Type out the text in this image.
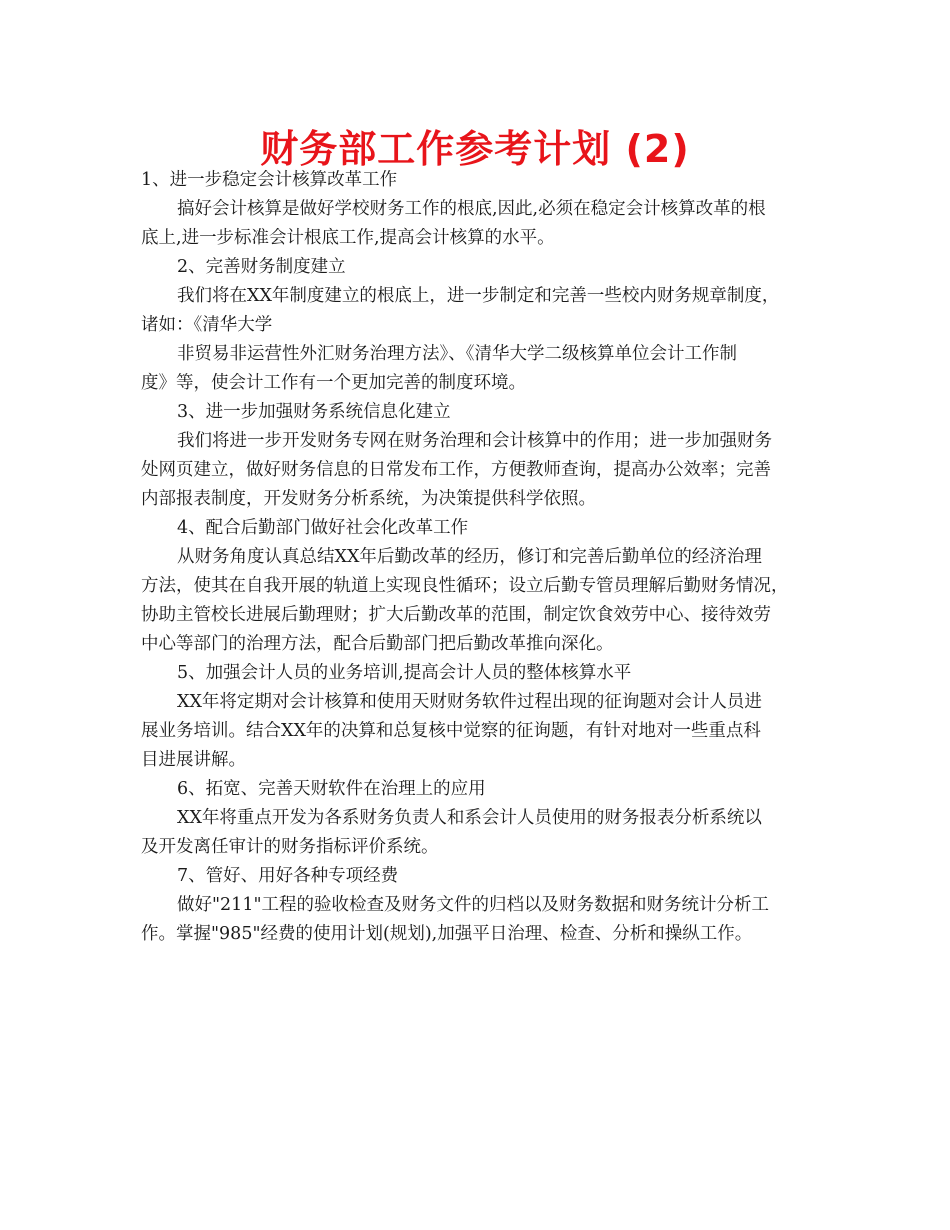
财务部工作参考计划 (2)
1、进一步稳定会计核算改革工作
搞好会计核算是做好学校财务工作的根底,因此,必须在稳定会计核算改革的根
底上,进一步标准会计根底工作,提高会计核算的水平。
2、完善财务制度建立
我们将在XX年制度建立的根底上，进一步制定和完善一些校内财务规章制度，
诸如：《清华大学
非贸易非运营性外汇财务治理方法》、《清华大学二级核算单位会计工作制
度》等，使会计工作有一个更加完善的制度环境。
3、进一步加强财务系统信息化建立
我们将进一步开发财务专网在财务治理和会计核算中的作用；进一步加强财务
处网页建立，做好财务信息的日常发布工作，方便教师查询，提高办公效率；完善
内部报表制度，开发财务分析系统，为决策提供科学依照。
4、配合后勤部门做好社会化改革工作
从财务角度认真总结XX年后勤改革的经历，修订和完善后勤单位的经济治理
方法，使其在自我开展的轨道上实现良性循环；设立后勤专管员理解后勤财务情况，
协助主管校长进展后勤理财；扩大后勤改革的范围，制定饮食效劳中心、接待效劳
中心等部门的治理方法，配合后勤部门把后勤改革推向深化。
5、加强会计人员的业务培训,提高会计人员的整体核算水平
XX年将定期对会计核算和使用天财财务软件过程出现的征询题对会计人员进
展业务培训。结合XX年的决算和总复核中觉察的征询题，有针对地对一些重点科
目进展讲解。
6、拓宽、完善天财软件在治理上的应用
XX年将重点开发为各系财务负责人和系会计人员使用的财务报表分析系统以
及开发离任审计的财务指标评价系统。
7、管好、用好各种专项经费
做好"211"工程的验收检查及财务文件的归档以及财务数据和财务统计分析工
作。掌握"985"经费的使用计划(规划),加强平日治理、检查、分析和操纵工作。
